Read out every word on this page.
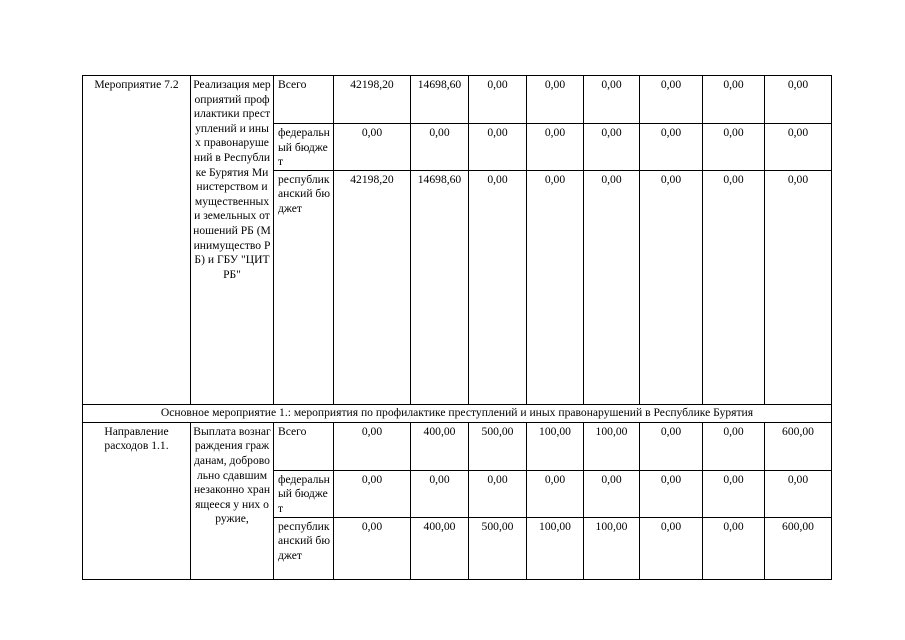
Мероприятие 7.2	Реализация мероприятий профилактики преступлений и иных правонарушений в Республике Бурятия Министерством имущественных и земельных отношений РБ (Минимущество РБ) и ГБУ "ЦИТ РБ"	Всего	42198,20	14698,60	0,00	0,00	0,00	0,00	0,00	0,00
		федеральный бюджет	0,00	0,00	0,00	0,00	0,00	0,00	0,00	0,00
		республиканский бюджет	42198,20	14698,60	0,00	0,00	0,00	0,00	0,00	0,00
Основное мероприятие 1.: мероприятия по профилактике преступлений и иных правонарушений в Республике Бурятия										
Направление расходов 1.1.	Выплата вознаграждения гражданам, добровольно сдавшим незаконно хранящееся у них оружие,	Всего	0,00	400,00	500,00	100,00	100,00	0,00	0,00	600,00
		федеральный бюджет	0,00	0,00	0,00	0,00	0,00	0,00	0,00	0,00
		республиканский бюджет	0,00	400,00	500,00	100,00	100,00	0,00	0,00	600,00
